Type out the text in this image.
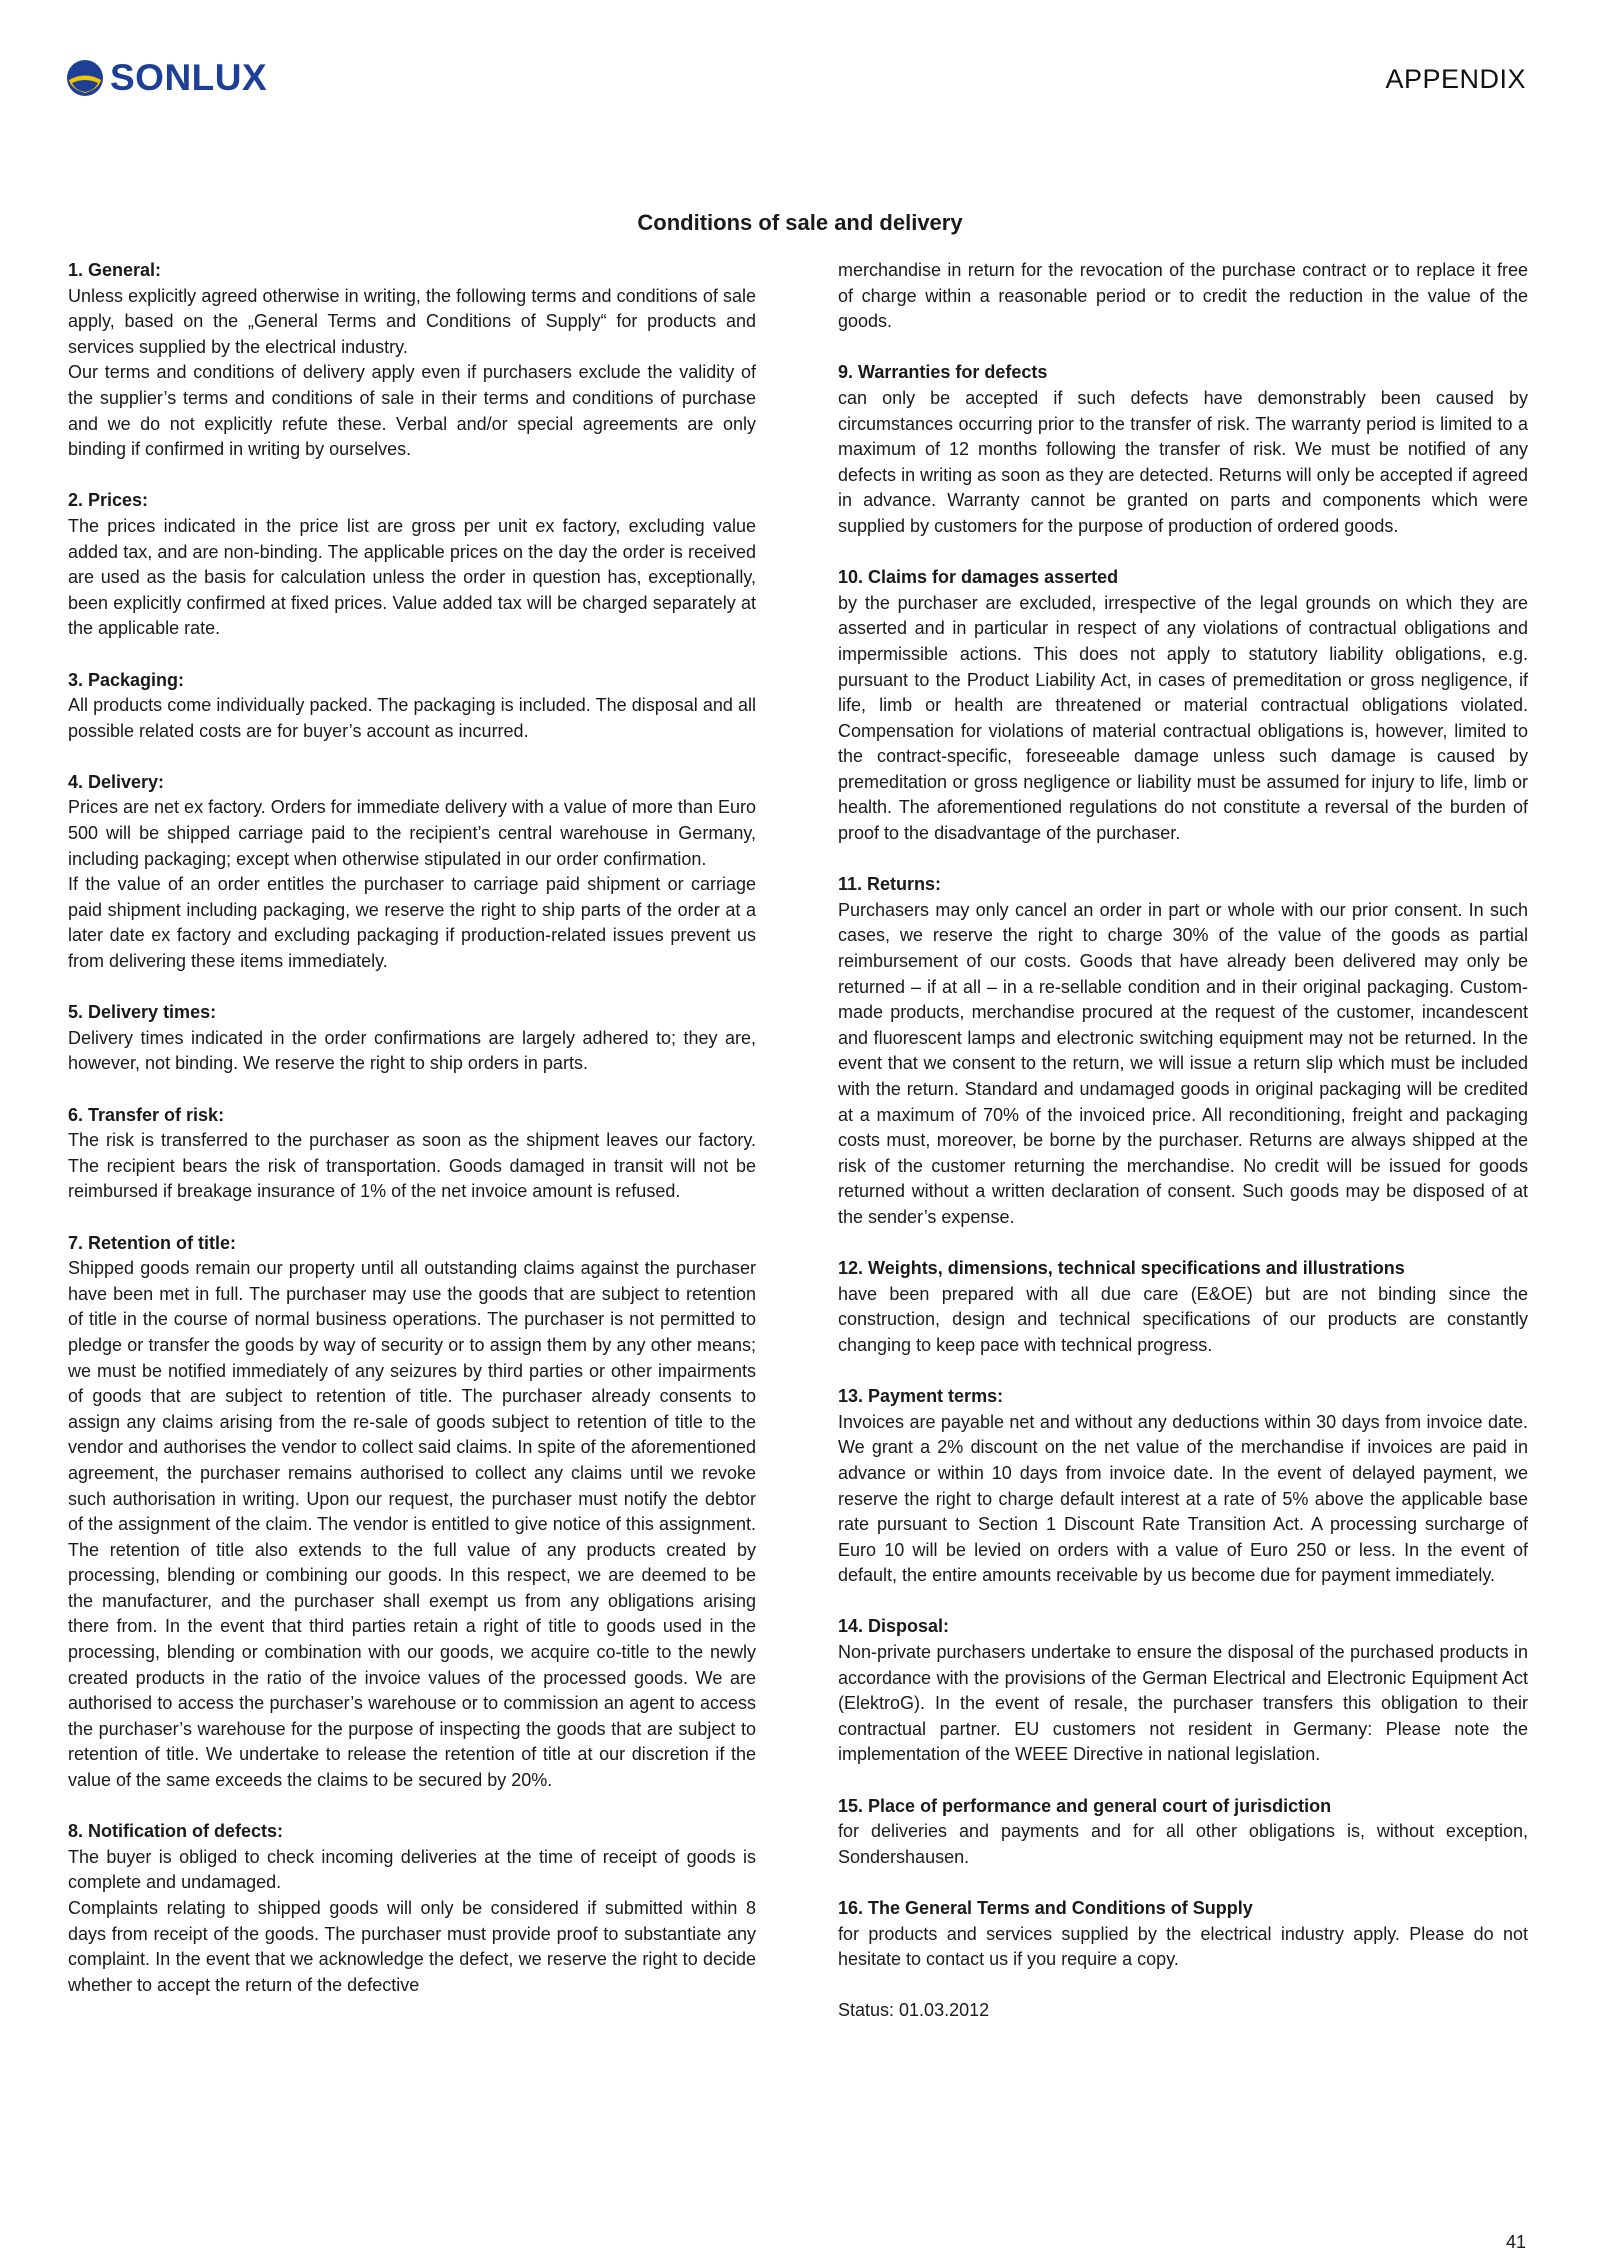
SONLUX	APPENDIX
Conditions of sale and delivery
1. General:

Unless explicitly agreed otherwise in writing, the following terms and conditions of sale apply, based on the „General Terms and Conditions of Supply“ for products and services supplied by the electrical industry.

Our terms and conditions of delivery apply even if purchasers exclude the validity of the supplier’s terms and conditions of sale in their terms and conditions of purchase and we do not explicitly refute these. Verbal and/or special agreements are only binding if confirmed in writing by ourselves.

2. Prices:

The prices indicated in the price list are gross per unit ex factory, excluding value added tax, and are non-binding. The applicable prices on the day the order is received are used as the basis for calculation unless the order in question has, exceptionally, been explicitly confirmed at fixed prices. Value added tax will be charged separately at the applicable rate.

3. Packaging:

All products come individually packed. The packaging is included. The disposal and all possible related costs are for buyer’s account as incurred.

4. Delivery:

Prices are net ex factory. Orders for immediate delivery with a value of more than Euro 500 will be shipped carriage paid to the recipient’s central warehouse in Germany, including packaging; except when otherwise stipulated in our order confirmation.

If the value of an order entitles the purchaser to carriage paid shipment or carriage paid shipment including packaging, we reserve the right to ship parts of the order at a later date ex factory and excluding packaging if production-related issues prevent us from delivering these items immediately.

5. Delivery times:

Delivery times indicated in the order confirmations are largely adhered to; they are, however, not binding. We reserve the right to ship orders in parts.

6. Transfer of risk:

The risk is transferred to the purchaser as soon as the shipment leaves our factory. The recipient bears the risk of transportation. Goods damaged in transit will not be reimbursed if breakage insurance of 1% of the net invoice amount is refused.

7. Retention of title:

Shipped goods remain our property until all outstanding claims against the purchaser have been met in full. The purchaser may use the goods that are subject to retention of title in the course of normal business operations. The purchaser is not permitted to pledge or transfer the goods by way of security or to assign them by any other means; we must be notified immediately of any seizures by third parties or other impairments of goods that are subject to retention of title. The purchaser already consents to assign any claims arising from the re-sale of goods subject to retention of title to the vendor and authorises the vendor to collect said claims. In spite of the aforementioned agreement, the purchaser remains authorised to collect any claims until we revoke such authorisation in writing. Upon our request, the purchaser must notify the debtor of the assignment of the claim. The vendor is entitled to give notice of this assignment. The retention of title also extends to the full value of any products created by processing, blending or combining our goods. In this respect, we are deemed to be the manufacturer, and the purchaser shall exempt us from any obligations arising there from. In the event that third parties retain a right of title to goods used in the processing, blending or combination with our goods, we acquire co-title to the newly created products in the ratio of the invoice values of the processed goods. We are authorised to access the purchaser’s warehouse or to commission an agent to access the purchaser’s warehouse for the purpose of inspecting the goods that are subject to retention of title. We undertake to release the retention of title at our discretion if the value of the same exceeds the claims to be secured by 20%.

8. Notification of defects:

The buyer is obliged to check incoming deliveries at the time of receipt of goods is complete and undamaged.

Complaints relating to shipped goods will only be considered if submitted within 8 days from receipt of the goods. The purchaser must provide proof to substantiate any complaint. In the event that we acknowledge the defect, we reserve the right to decide whether to accept the return of the defective

merchandise in return for the revocation of the purchase contract or to replace it free of charge within a reasonable period or to credit the reduction in the value of the goods.

9. Warranties for defects

can only be accepted if such defects have demonstrably been caused by circumstances occurring prior to the transfer of risk. The warranty period is limited to a maximum of 12 months following the transfer of risk. We must be notified of any defects in writing as soon as they are detected. Returns will only be accepted if agreed in advance. Warranty cannot be granted on parts and components which were supplied by customers for the purpose of production of ordered goods.

10. Claims for damages asserted

by the purchaser are excluded, irrespective of the legal grounds on which they are asserted and in particular in respect of any violations of contractual obligations and impermissible actions. This does not apply to statutory liability obligations, e.g. pursuant to the Product Liability Act, in cases of premeditation or gross negligence, if life, limb or health are threatened or material contractual obligations violated. Compensation for violations of material contractual obligations is, however, limited to the contract-specific, foreseeable damage unless such damage is caused by premeditation or gross negligence or liability must be assumed for injury to life, limb or health. The aforementioned regulations do not constitute a reversal of the burden of proof to the disadvantage of the purchaser.

11. Returns:

Purchasers may only cancel an order in part or whole with our prior consent. In such cases, we reserve the right to charge 30% of the value of the goods as partial reimbursement of our costs. Goods that have already been delivered may only be returned – if at all – in a re-sellable condition and in their original packaging. Custom-made products, merchandise procured at the request of the customer, incandescent and fluorescent lamps and electronic switching equipment may not be returned. In the event that we consent to the return, we will issue a return slip which must be included with the return. Standard and undamaged goods in original packaging will be credited at a maximum of 70% of the invoiced price. All reconditioning, freight and packaging costs must, moreover, be borne by the purchaser. Returns are always shipped at the risk of the customer returning the merchandise. No credit will be issued for goods returned without a written declaration of consent. Such goods may be disposed of at the sender’s expense.

12. Weights, dimensions, technical specifications and illustrations

have been prepared with all due care (E&OE) but are not binding since the construction, design and technical specifications of our products are constantly changing to keep pace with technical progress.

13. Payment terms:

Invoices are payable net and without any deductions within 30 days from invoice date. We grant a 2% discount on the net value of the merchandise if invoices are paid in advance or within 10 days from invoice date. In the event of delayed payment, we reserve the right to charge default interest at a rate of 5% above the applicable base rate pursuant to Section 1 Discount Rate Transition Act. A processing surcharge of Euro 10 will be levied on orders with a value of Euro 250 or less. In the event of default, the entire amounts receivable by us become due for payment immediately.

14. Disposal:

Non-private purchasers undertake to ensure the disposal of the purchased products in accordance with the provisions of the German Electrical and Electronic Equipment Act (ElektroG). In the event of resale, the purchaser transfers this obligation to their contractual partner. EU customers not resident in Germany: Please note the implementation of the WEEE Directive in national legislation.

15. Place of performance and general court of jurisdiction

for deliveries and payments and for all other obligations is, without exception, Sondershausen.

16. The General Terms and Conditions of Supply

for products and services supplied by the electrical industry apply. Please do not hesitate to contact us if you require a copy.

Status: 01.03.2012

41
